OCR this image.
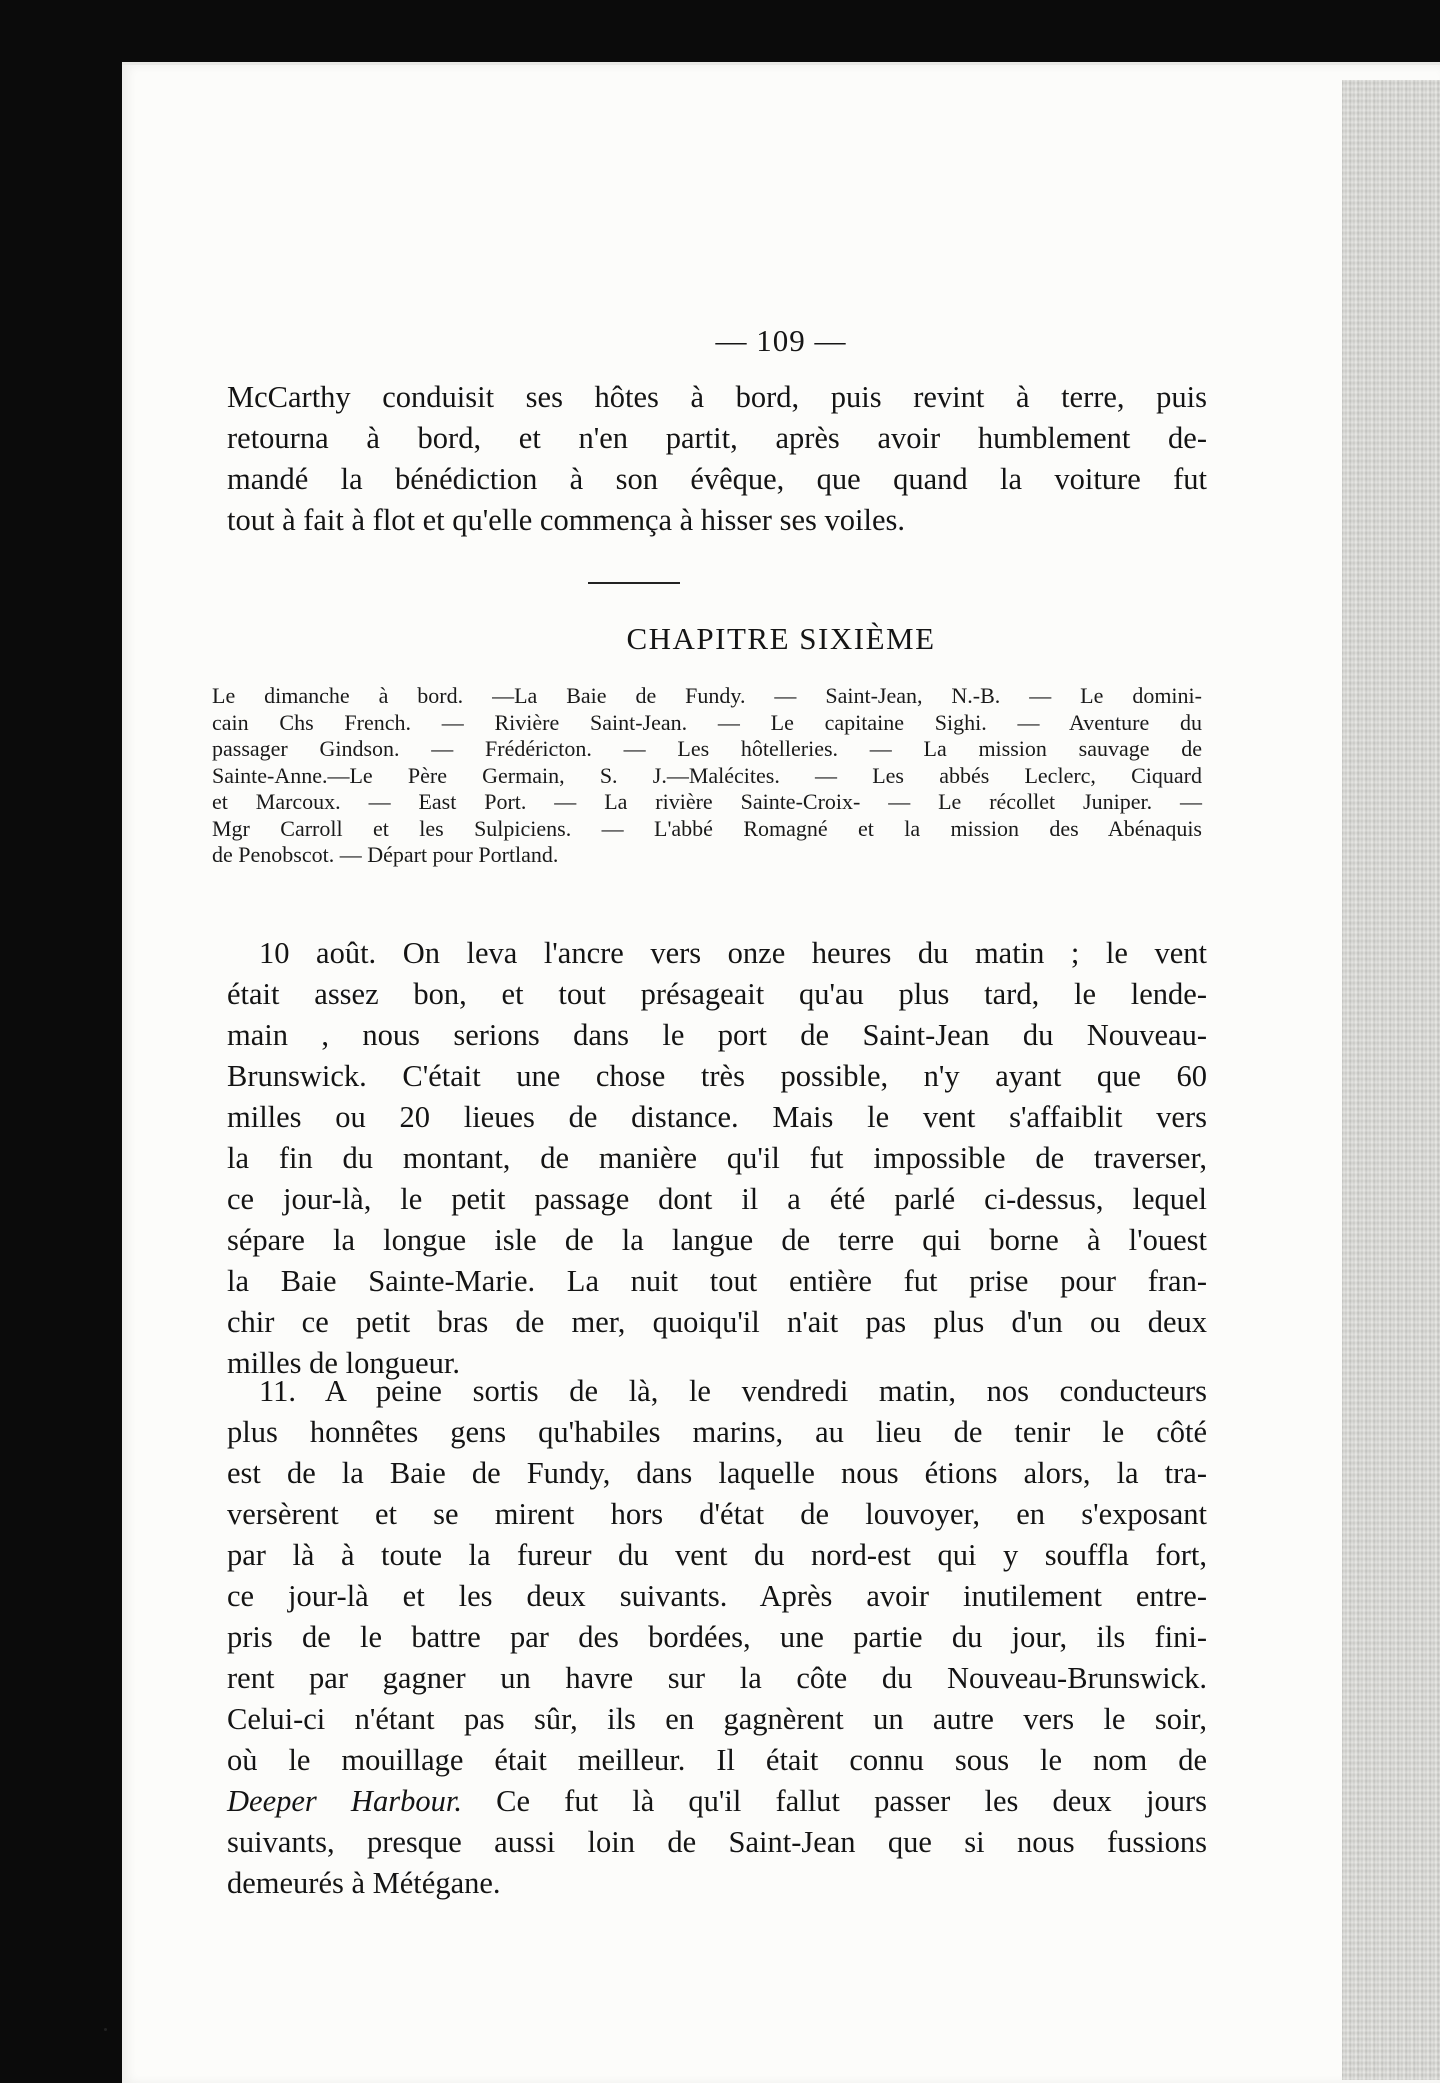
— 109 —
McCarthy conduisit ses hôtes à bord, puis revint à terre, puis
retourna à bord, et n'en partit, après avoir humblement de-
mandé la bénédiction à son évêque, que quand la voiture fut
tout à fait à flot et qu'elle commença à hisser ses voiles.
CHAPITRE SIXIÈME
Le dimanche à bord. —La Baie de Fundy. — Saint-Jean, N.-B. — Le domini-
cain Chs French. — Rivière Saint-Jean. — Le capitaine Sighi. — Aventure du
passager Gindson. — Frédéricton. — Les hôtelleries. — La mission sauvage de
Sainte-Anne.—Le Père Germain, S. J.—Malécites. — Les abbés Leclerc, Ciquard
et Marcoux. — East Port. — La rivière Sainte-Croix- — Le récollet Juniper. —
Mgr Carroll et les Sulpiciens. — L'abbé Romagné et la mission des Abénaquis
de Penobscot. — Départ pour Portland.
10 août. On leva l'ancre vers onze heures du matin ; le vent
était assez bon, et tout présageait qu'au plus tard, le lende-
main , nous serions dans le port de Saint-Jean du Nouveau-
Brunswick. C'était une chose très possible, n'y ayant que 60
milles ou 20 lieues de distance. Mais le vent s'affaiblit vers
la fin du montant, de manière qu'il fut impossible de traverser,
ce jour-là, le petit passage dont il a été parlé ci-dessus, lequel
sépare la longue isle de la langue de terre qui borne à l'ouest
la Baie Sainte-Marie. La nuit tout entière fut prise pour fran-
chir ce petit bras de mer, quoiqu'il n'ait pas plus d'un ou deux
milles de longueur.
11. A peine sortis de là, le vendredi matin, nos conducteurs
plus honnêtes gens qu'habiles marins, au lieu de tenir le côté
est de la Baie de Fundy, dans laquelle nous étions alors, la tra-
versèrent et se mirent hors d'état de louvoyer, en s'exposant
par là à toute la fureur du vent du nord-est qui y souffla fort,
ce jour-là et les deux suivants. Après avoir inutilement entre-
pris de le battre par des bordées, une partie du jour, ils fini-
rent par gagner un havre sur la côte du Nouveau-Brunswick.
Celui-ci n'étant pas sûr, ils en gagnèrent un autre vers le soir,
où le mouillage était meilleur. Il était connu sous le nom de
Deeper Harbour. Ce fut là qu'il fallut passer les deux jours
suivants, presque aussi loin de Saint-Jean que si nous fussions
demeurés à Métégane.
